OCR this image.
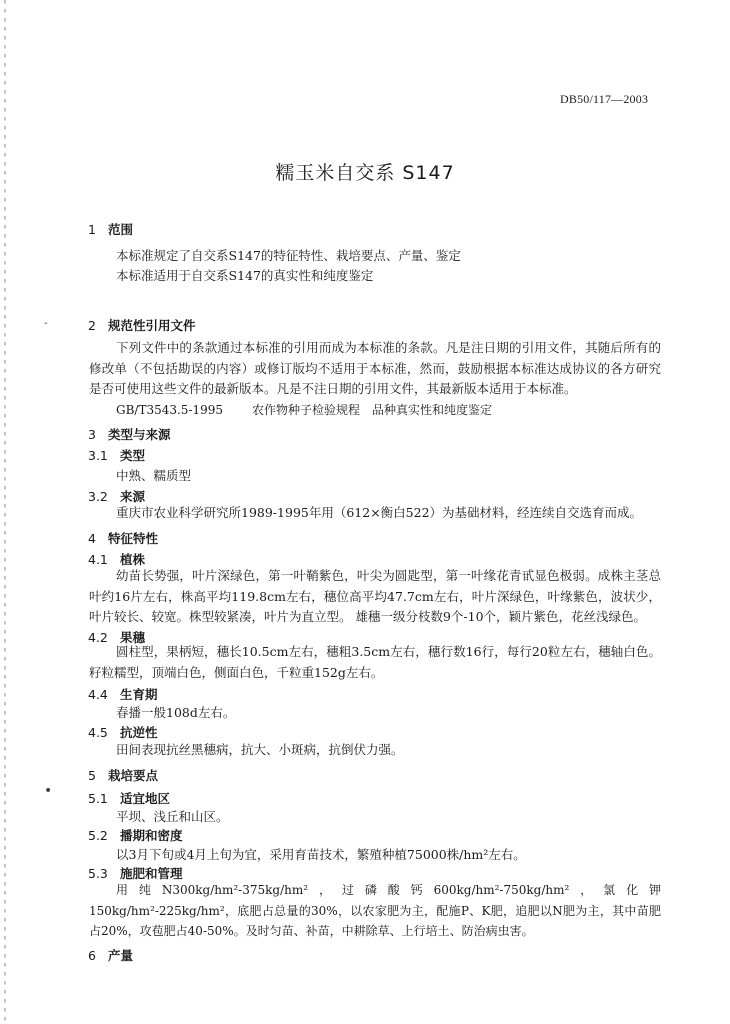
-
•
DB50/117—2003
糯玉米自交系 S147
1 范围
本标准规定了自交系S147的特征特性、栽培要点、产量、鉴定
本标准适用于自交系S147的真实性和纯度鉴定
2 规范性引用文件
下列文件中的条款通过本标准的引用而成为本标准的条款。凡是注日期的引用文件，其随后所有的修改单（不包括勘误的内容）或修订版均不适用于本标准，然而，鼓励根据本标准达成协议的各方研究是否可使用这些文件的最新版本。凡是不注日期的引用文件，其最新版本适用于本标准。
GB/T3543.5-1995 农作物种子检验规程　品种真实性和纯度鉴定
3 类型与来源
3.1 类型
中熟、糯质型
3.2 来源
重庆市农业科学研究所1989-1995年用（612×衡白522）为基础材料，经连续自交选育而成。
4 特征特性
4.1 植株
幼苗长势强，叶片深绿色，第一叶鞘紫色，叶尖为圆匙型，第一叶缘花青甙显色极弱。成株主茎总叶约16片左右，株高平均119.8cm左右，穗位高平均47.7cm左右，叶片深绿色，叶缘紫色，波状少，叶片较长、较宽。株型较紧凑，叶片为直立型。 雄穗一级分枝数9个-10个，颖片紫色，花丝浅绿色。
4.2 果穗
圆柱型，果柄短，穗长10.5cm左右，穗粗3.5cm左右，穗行数16行，每行20粒左右，穗轴白色。籽粒糯型，顶端白色，侧面白色，千粒重152g左右。
4.4 生育期
春播一般108d左右。
4.5 抗逆性
田间表现抗丝黑穗病，抗大、小斑病，抗倒伏力强。
5 栽培要点
5.1 适宜地区
平坝、浅丘和山区。
5.2 播期和密度
以3月下旬或4月上旬为宜，采用育苗技术，繁殖种植75000株/hm²左右。
5.3 施肥和管理
用纯N300kg/hm²-375kg/hm²，过磷酸钙600kg/hm²-750kg/hm²，氯化钾150kg/hm²-225kg/hm²，底肥占总量的30%，以农家肥为主，配施P、K肥，追肥以N肥为主，其中苗肥占20%，攻苞肥占40-50%。及时匀苗、补苗，中耕除草、上行培土、防治病虫害。
6 产量
